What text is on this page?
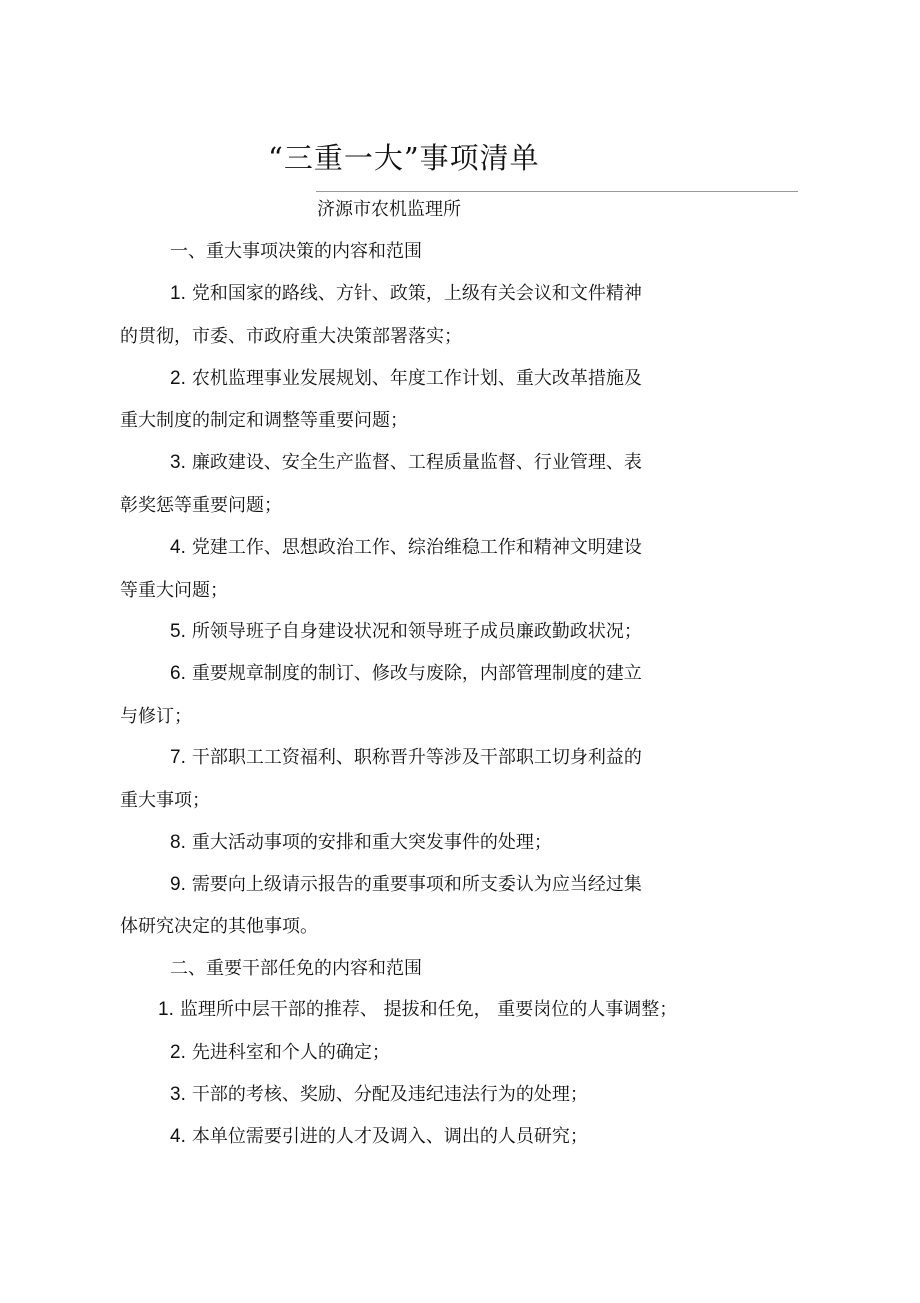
“三重一大”事项清单
济源市农机监理所
一、重大事项决策的内容和范围
1. 党和国家的路线、方针、政策，上级有关会议和文件精神
的贯彻，市委、市政府重大决策部署落实；
2. 农机监理事业发展规划、年度工作计划、重大改革措施及
重大制度的制定和调整等重要问题；
3. 廉政建设、安全生产监督、工程质量监督、行业管理、表
彰奖惩等重要问题；
4. 党建工作、思想政治工作、综治维稳工作和精神文明建设
等重大问题；
5. 所领导班子自身建设状况和领导班子成员廉政勤政状况；
6. 重要规章制度的制订、修改与废除，内部管理制度的建立
与修订；
7. 干部职工工资福利、职称晋升等涉及干部职工切身利益的
重大事项；
8. 重大活动事项的安排和重大突发事件的处理；
9. 需要向上级请示报告的重要事项和所支委认为应当经过集
体研究决定的其他事项。
二、重要干部任免的内容和范围
1. 监理所中层干部的推荐、 提拔和任免， 重要岗位的人事调整；
2. 先进科室和个人的确定；
3. 干部的考核、奖励、分配及违纪违法行为的处理；
4. 本单位需要引进的人才及调入、调出的人员研究；
